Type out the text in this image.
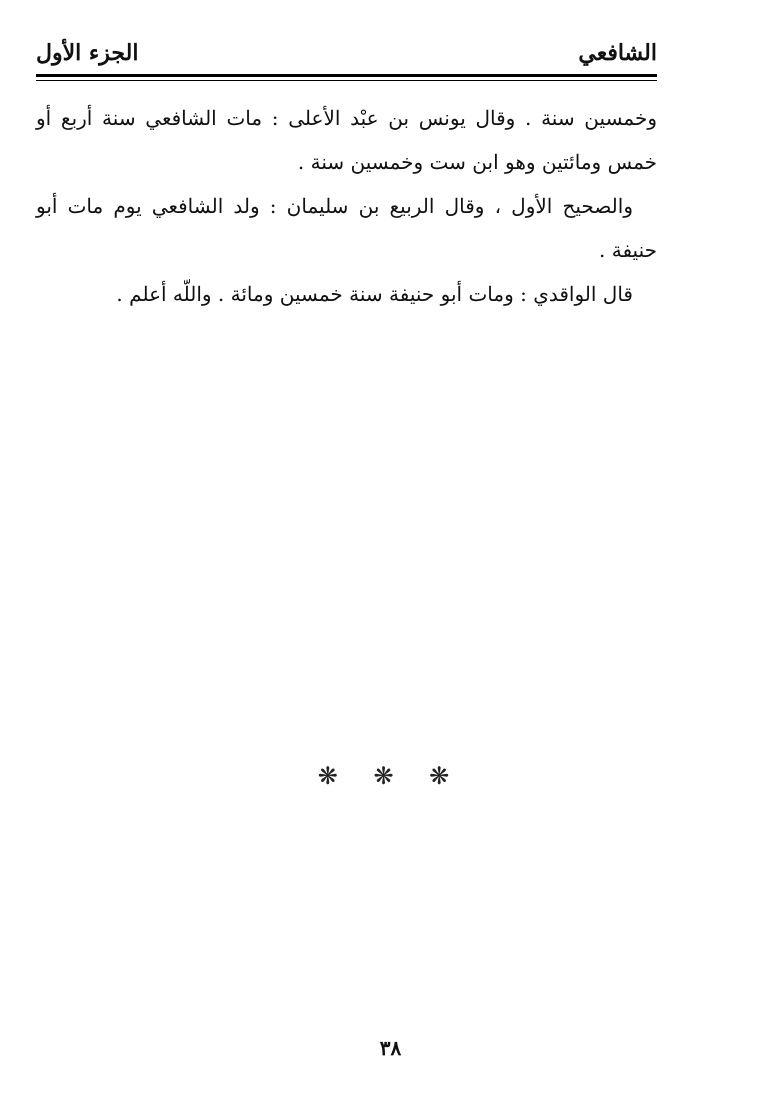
الشافعي
الجزء الأول

وخمسين سنة . وقال يونس بن عبْد الأعلى : مات الشافعي سنة أربع أو خمس ومائتين وهو ابن ست وخمسين سنة .

والصحيح الأول ، وقال الربيع بن سليمان : ولد الشافعي يوم مات أبو حنيفة .

قال الواقدي : ومات أبو حنيفة سنة خمسين ومائة . واللّه أعلم .

❋ ❋ ❋
٣٨
